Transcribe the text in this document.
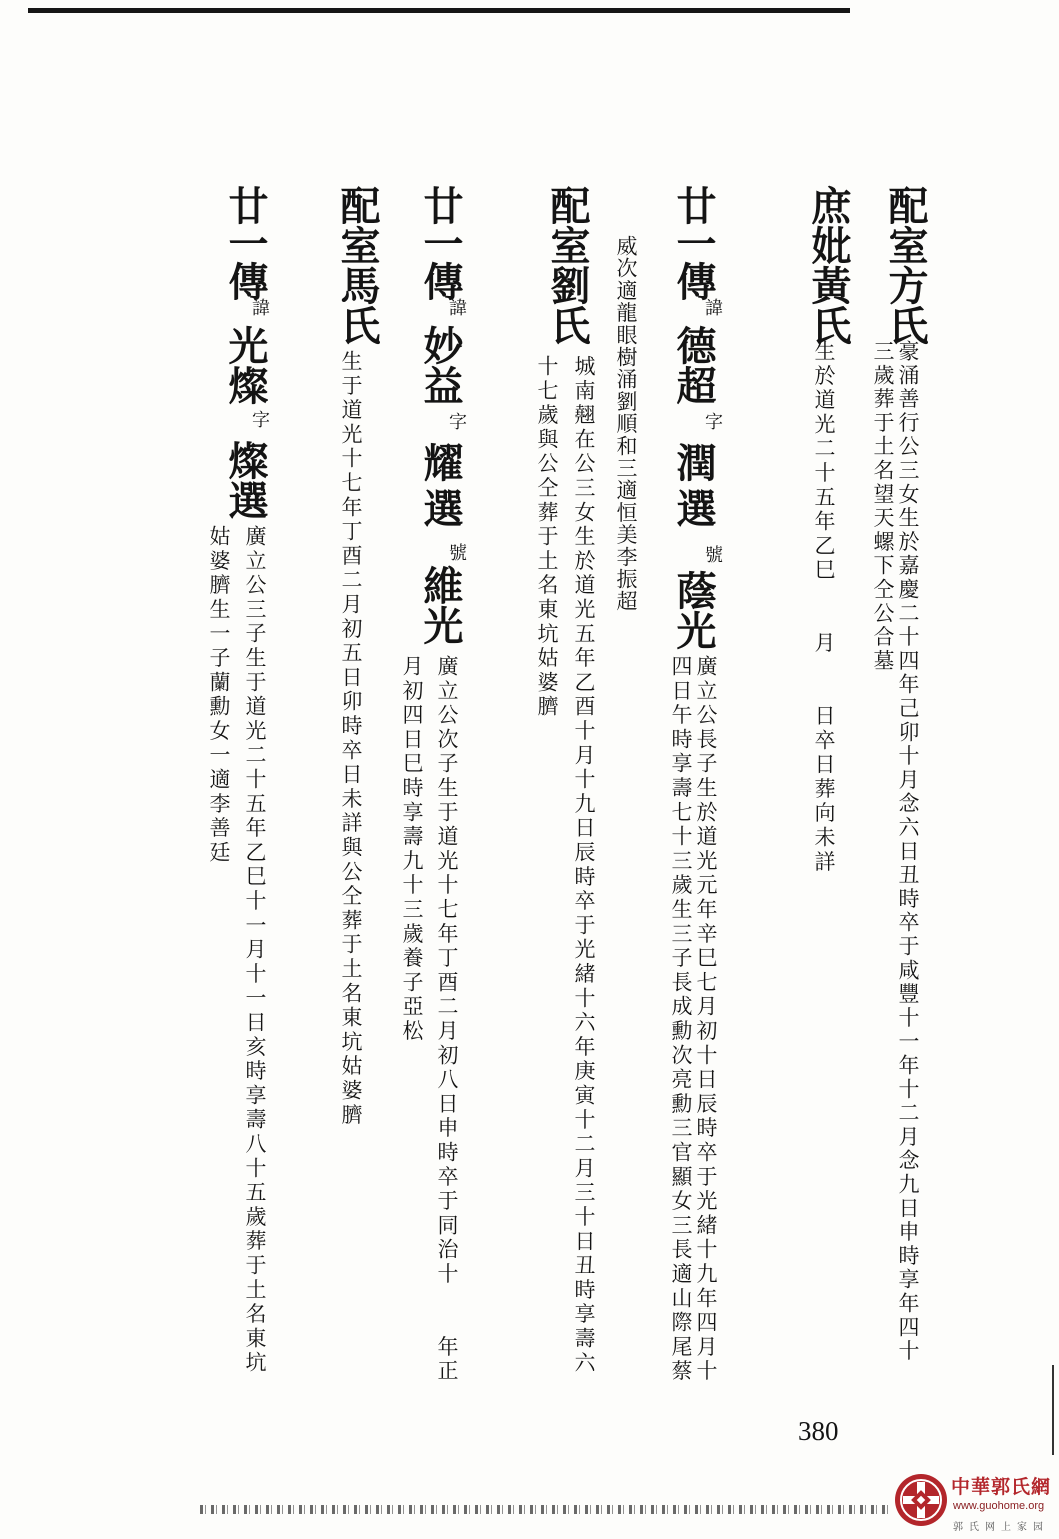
配室方氏
豪涌善行公三女生於嘉慶二十四年己卯十月念六日丑時卒于咸豐十一年十二月念九日申時享年四十
三歲葬于土名望天螺下仝公合墓
庶妣黃氏
生於道光二十五年乙巳　　月　　日卒日葬向未詳
廿一傳
諱
德超
字
潤選
號
蔭光
廣立公長子生於道光元年辛巳七月初十日辰時卒于光緒十九年四月十
四日午時享壽七十三歲生三子長成勳次亮勳三官顯女三長適山際尾蔡
威次適龍眼樹涌劉順和三適恒美李振超
配室劉氏
城南翹在公三女生於道光五年乙酉十月十九日辰時卒于光緒十六年庚寅十二月三十日丑時享壽六
十七歲與公仝葬于土名東坑姑婆臍
廿一傳
諱
妙益
字
耀選
號
維光
廣立公次子生于道光十七年丁酉二月初八日申時卒于同治十　　年正
月初四日巳時享壽九十三歲養子亞松
配室馬氏
生于道光十七年丁酉二月初五日卯時卒日未詳與公仝葬于土名東坑姑婆臍
廿一傳
諱
光燦
字
燦選
廣立公三子生于道光二十五年乙巳十一月十一日亥時享壽八十五歲葬于土名東坑
姑婆臍生一子蘭勳女一適李善廷
380
中華郭氏網
www.guohome.org
郭氏网上家园
